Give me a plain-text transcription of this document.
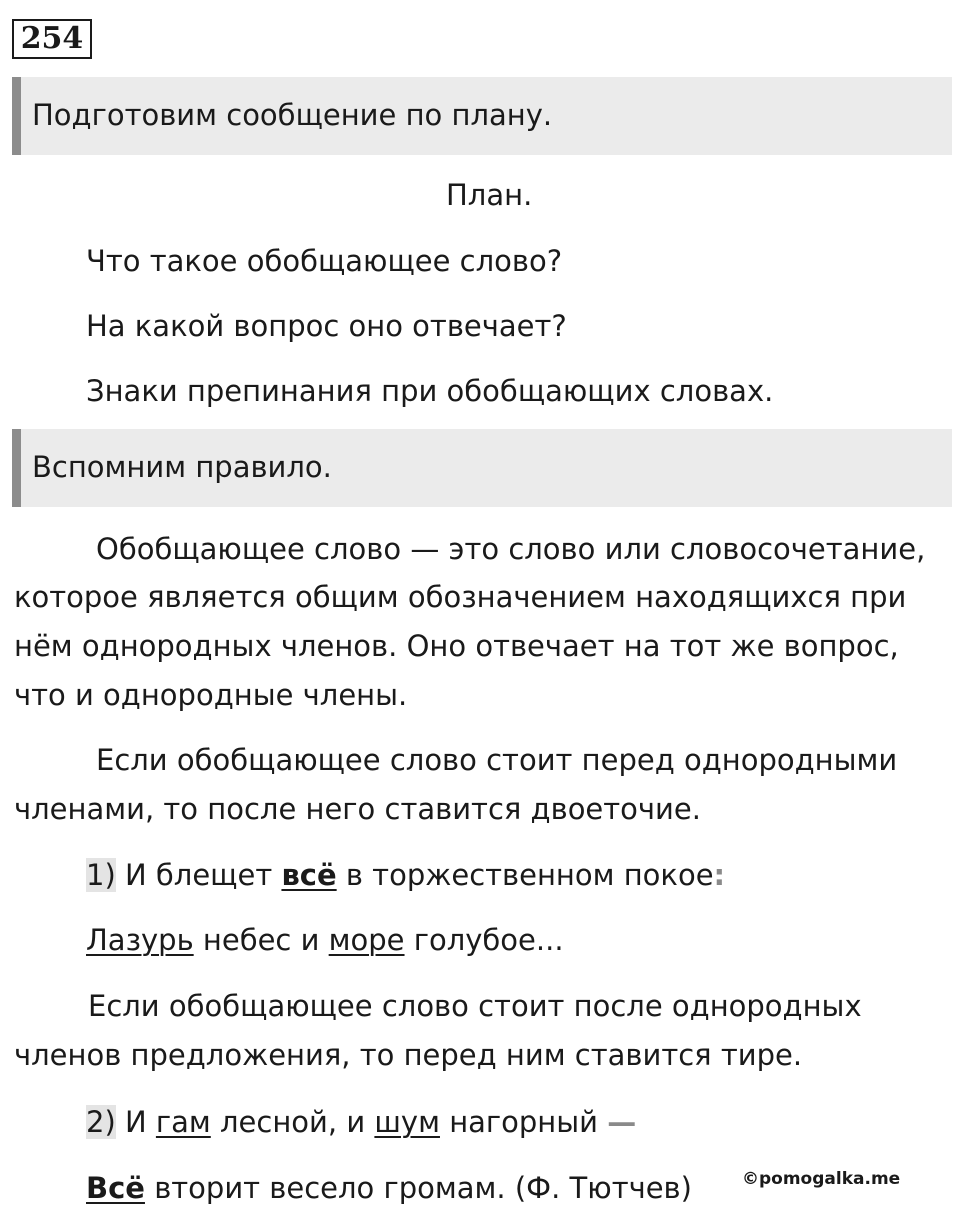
254
Подготовим сообщение по плану.
План.
Что такое обобщающее слово?
На какой вопрос оно отвечает?
Знаки препинания при обобщающих словах.
Вспомним правило.
Обобщающее слово — это слово или словосочетание,
которое является общим обозначением находящихся при
нём однородных членов. Оно отвечает на тот же вопрос,
что и однородные члены.
Если обобщающее слово стоит перед однородными
членами, то после него ставится двоеточие.
1) И блещет всё в торжественном покое:
Лазурь небес и море голубое...
Если обобщающее слово стоит после однородных
членов предложения, то перед ним ставится тире.
2) И гам лесной, и шум нагорный —
Всё вторит весело громам. (Ф. Тютчев)	©pomogalka.me
